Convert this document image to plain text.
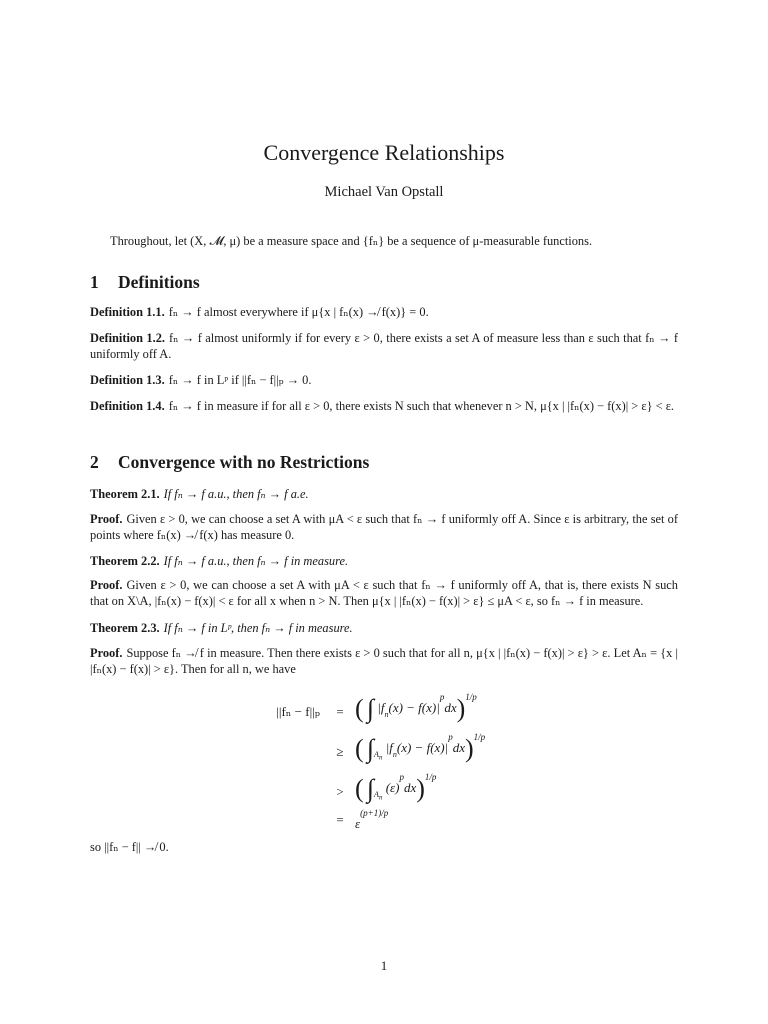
Convergence Relationships
Michael Van Opstall
Throughout, let (X, 𝓜, μ) be a measure space and {fₙ} be a sequence of μ-measurable functions.
1 Definitions
Definition 1.1. fₙ → f almost everywhere if μ{x | fₙ(x) ↛ f(x)} = 0.
Definition 1.2. fₙ → f almost uniformly if for every ε > 0, there exists a set A of measure less than ε such that fₙ → f uniformly off A.
Definition 1.3. fₙ → f in Lᵖ if ||fₙ − f||ₚ → 0.
Definition 1.4. fₙ → f in measure if for all ε > 0, there exists N such that whenever n > N, μ{x | |fₙ(x) − f(x)| > ε} < ε.
2 Convergence with no Restrictions
Theorem 2.1. If fₙ → f a.u., then fₙ → f a.e.
Proof. Given ε > 0, we can choose a set A with μA < ε such that fₙ → f uniformly off A. Since ε is arbitrary, the set of points where fₙ(x) ↛ f(x) has measure 0.
Theorem 2.2. If fₙ → f a.u., then fₙ → f in measure.
Proof. Given ε > 0, we can choose a set A with μA < ε such that fₙ → f uniformly off A, that is, there exists N such that on X\A, |fₙ(x) − f(x)| < ε for all x when n > N. Then μ{x | |fₙ(x) − f(x)| > ε} ≤ μA < ε, so fₙ → f in measure.
Theorem 2.3. If fₙ → f in Lᵖ, then fₙ → f in measure.
Proof. Suppose fₙ ↛ f in measure. Then there exists ε > 0 such that for all n, μ{x | |fₙ(x) − f(x)| > ε} > ε. Let Aₙ = {x | |fₙ(x) − f(x)| > ε}. Then for all n, we have
||fₙ − f||ₚ	= ( ∫ $|f_n(x) - f(x)|^pdx)^{1/p}$
≥ ( $\int_{A_n}$ $|f_n(x) - f(x)|^pdx)^{1/p}$
> ( $\int_{A_n}$ $(\varepsilon)^pdx)^{1/p}$
= $\varepsilon^{(p+1)/p}$
so ||fₙ − f|| ↛ 0.
1
